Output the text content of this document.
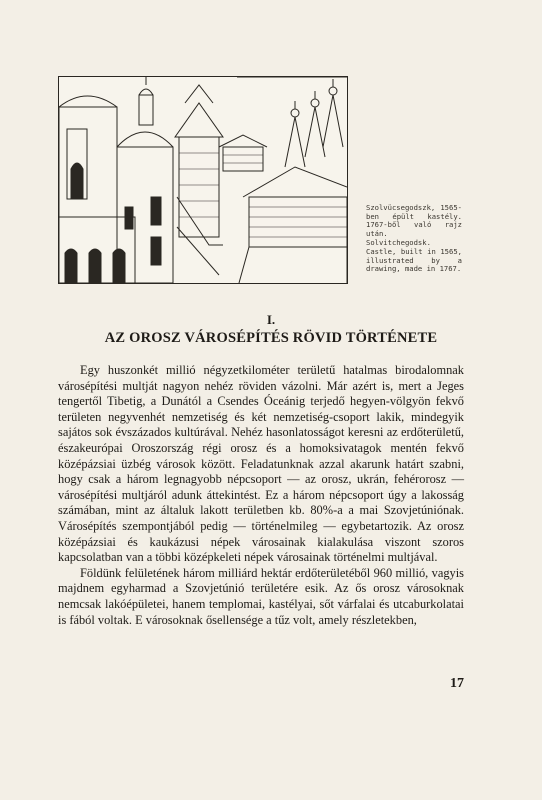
Szolvücsegodszk, 1565-ben épült kastély. 1767-ből való rajz után.

Solvitchegodsk. Castle, built in 1565, illustrated by a drawing, made in 1767.

I.
AZ OROSZ VÁROSÉPÍTÉS RÖVID TÖRTÉNETE

Egy huszonkét millió négyzetkilométer területű hatalmas birodalomnak városépítési multját nagyon nehéz röviden vázolni. Már azért is, mert a Jeges tengertől Tibetig, a Dunától a Csendes Óceánig terjedő hegyen-völgyön fekvő területen negyvenhét nemzetiség és két nemzetiség-csoport lakik, mindegyik sajátos sok évszázados kultúrával. Nehéz hasonlatosságot keresni az erdőterületű, északeurópai Oroszország régi orosz és a homoksivatagok mentén fekvő középázsiai üzbég városok között. Feladatunknak azzal akarunk határt szabni, hogy csak a három legnagyobb népcsoport — az orosz, ukrán, fehérorosz — városépítési multjáról adunk áttekintést. Ez a három népcsoport úgy a lakosság számában, mint az általuk lakott területben kb. 80%-a a mai Szovjetúniónak. Városépítés szempontjából pedig — történelmileg — egybetartozik. Az orosz középázsiai és kaukázusi népek városainak kialakulása viszont szoros kapcsolatban van a többi középkeleti népek városainak történelmi multjával.

Földünk felületének három milliárd hektár erdőterületéből 960 millió, vagyis majdnem egyharmad a Szovjetúnió területére esik. Az ős orosz városoknak nemcsak lakóépületei, hanem templomai, kastélyai, sőt várfalai és utcaburkolatai is fából voltak. E városoknak ősellensége a tűz volt, amely részletekben,

17
